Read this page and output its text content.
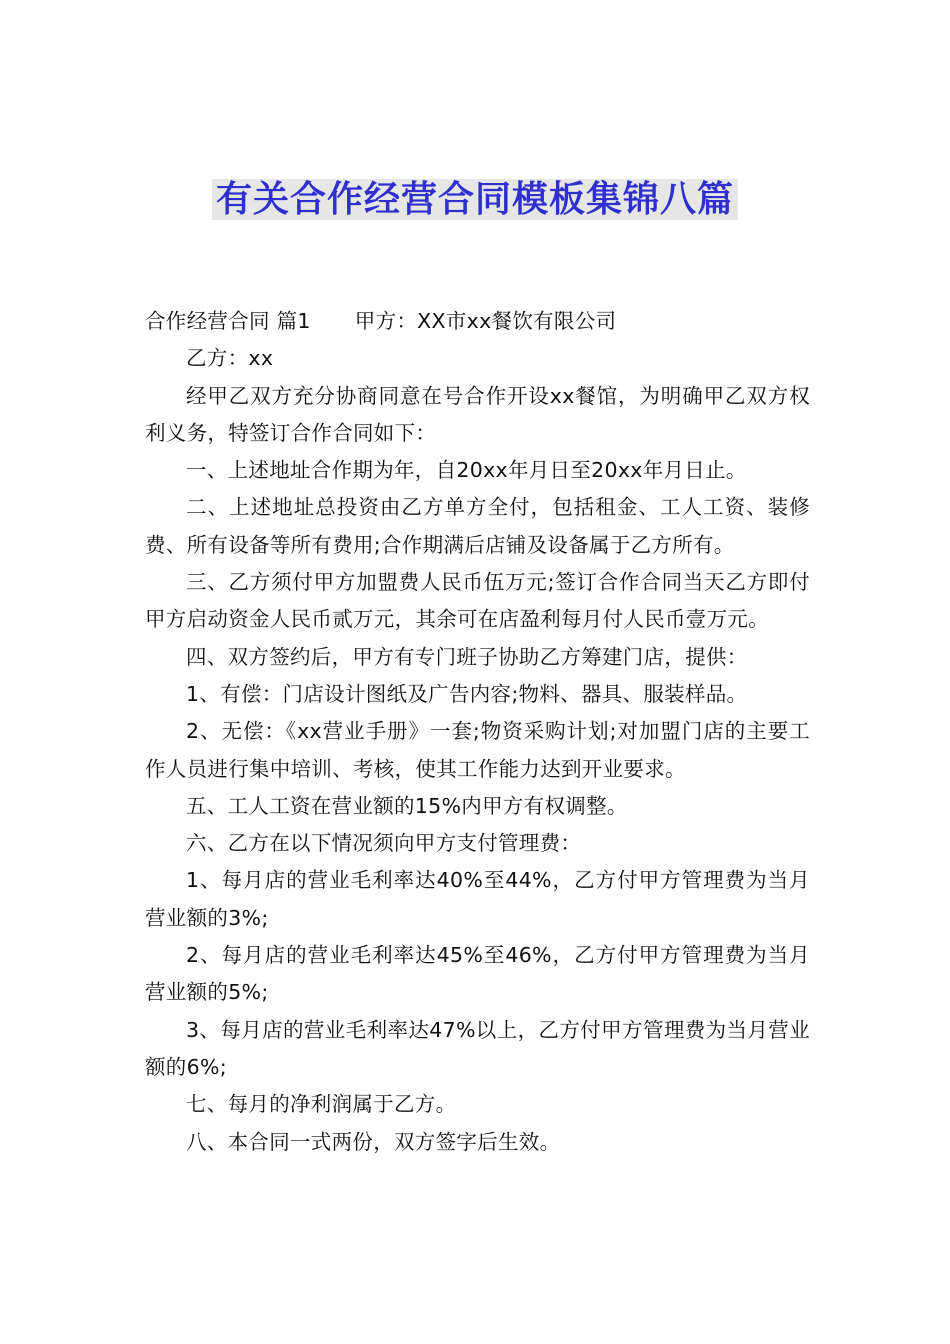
有关合作经营合同模板集锦八篇

合作经营合同 篇1 甲方：XX市xx餐饮有限公司

乙方：xx

经甲乙双方充分协商同意在号合作开设xx餐馆，为明确甲乙双方权利义务，特签订合作合同如下：

一、上述地址合作期为年，自20xx年月日至20xx年月日止。

二、上述地址总投资由乙方单方全付，包括租金、工人工资、装修费、所有设备等所有费用;合作期满后店铺及设备属于乙方所有。

三、乙方须付甲方加盟费人民币伍万元;签订合作合同当天乙方即付甲方启动资金人民币贰万元，其余可在店盈利每月付人民币壹万元。

四、双方签约后，甲方有专门班子协助乙方筹建门店，提供：

1、有偿：门店设计图纸及广告内容;物料、器具、服装样品。

2、无偿：《xx营业手册》一套;物资采购计划;对加盟门店的主要工作人员进行集中培训、考核，使其工作能力达到开业要求。

五、工人工资在营业额的15%内甲方有权调整。

六、乙方在以下情况须向甲方支付管理费：

1、每月店的营业毛利率达40%至44%，乙方付甲方管理费为当月营业额的3%;

2、每月店的营业毛利率达45%至46%，乙方付甲方管理费为当月营业额的5%;

3、每月店的营业毛利率达47%以上，乙方付甲方管理费为当月营业额的6%;

七、每月的净利润属于乙方。

八、本合同一式两份，双方签字后生效。
